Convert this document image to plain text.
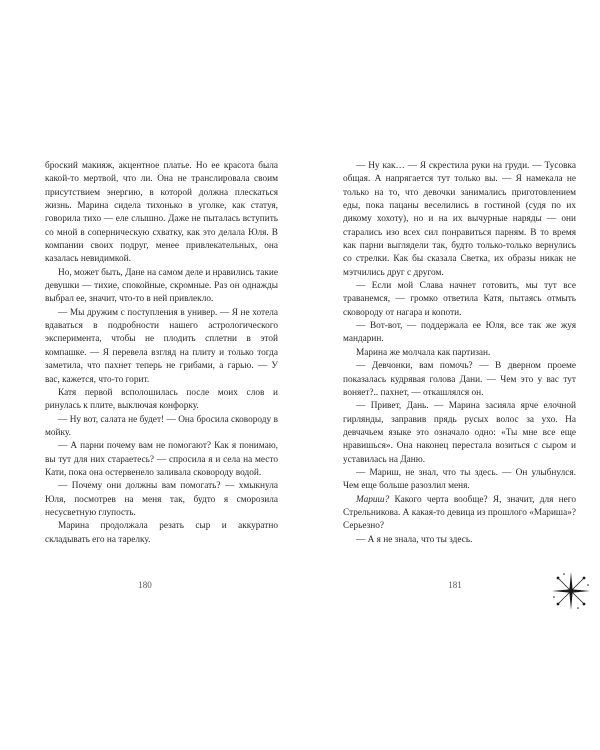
броский макияж, акцентное платье. Но ее красота была какой-то мертвой, что ли. Она не транслировала своим присутствием энергию, в которой должна плескаться жизнь. Марина сидела тихонько в уголке, как статуя, говорила тихо — еле слышно. Даже не пыталась вступить со мной в соперническую схватку, как это делала Юля. В компании своих подруг, менее привлекательных, она казалась невидимкой.

Но, может быть, Дане на самом деле и нравились такие девушки — тихие, спокойные, скромные. Раз он однажды выбрал ее, значит, что-то в ней привлекло.

— Мы дружим с поступления в универ. — Я не хотела вдаваться в подробности нашего астрологического эксперимента, чтобы не плодить сплетни в этой компашке. — Я перевела взгляд на плиту и только тогда заметила, что пахнет теперь не грибами, а гарью. — У вас, кажется, что-то горит.

Катя первой всполошилась после моих слов и ринулась к плите, выключая конфорку.

— Ну вот, салата не будет! — Она бросила сковороду в мойку.

— А парни почему вам не помогают? Как я понимаю, вы тут для них стараетесь? — спросила я и села на место Кати, пока она остервенело заливала сковороду водой.

— Почему они должны вам помогать? — хмыкнула Юля, посмотрев на меня так, будто я сморозила несусветную глупость.

Марина продолжала резать сыр и аккуратно складывать его на тарелку.

180

— Ну как… — Я скрестила руки на груди. — Тусовка общая. А напрягается тут только вы. — Я намекала не только на то, что девочки занимались приготовлением еды, пока пацаны веселились в гостиной (судя по их дикому хохоту), но и на их вычурные наряды — они старались изо всех сил понравиться парням. В то время как парни выглядели так, будто только-только вернулись со стрелки. Как бы сказала Светка, их образы никак не мэтчились друг с другом.

— Если мой Слава начнет готовить, мы тут все траванемся, — громко ответила Катя, пытаясь отмыть сковороду от нагара и копоти.

— Вот-вот, — поддержала ее Юля, все так же жуя мандарин.

Марина же молчала как партизан.

— Девчонки, вам помочь? — В дверном проеме показалась кудрявая голова Дани. — Чем это у вас тут воняет?.. пахнет, — откашлялся он.

— Привет, Дань. — Марина засияла ярче елочной гирлянды, заправив прядь русых волос за ухо. На девчачьем языке это означало одно: «Ты мне все еще нравишься». Она наконец перестала возиться с сыром и уставилась на Даню.

— Мариш, не знал, что ты здесь. — Он улыбнулся. Чем еще больше разозлил меня.

Мариш? Какого черта вообще? Я, значит, для него Стрельникова. А какая-то девица из прошлого «Мариша»? Серьезно?

— А я не знала, что ты здесь.

181
